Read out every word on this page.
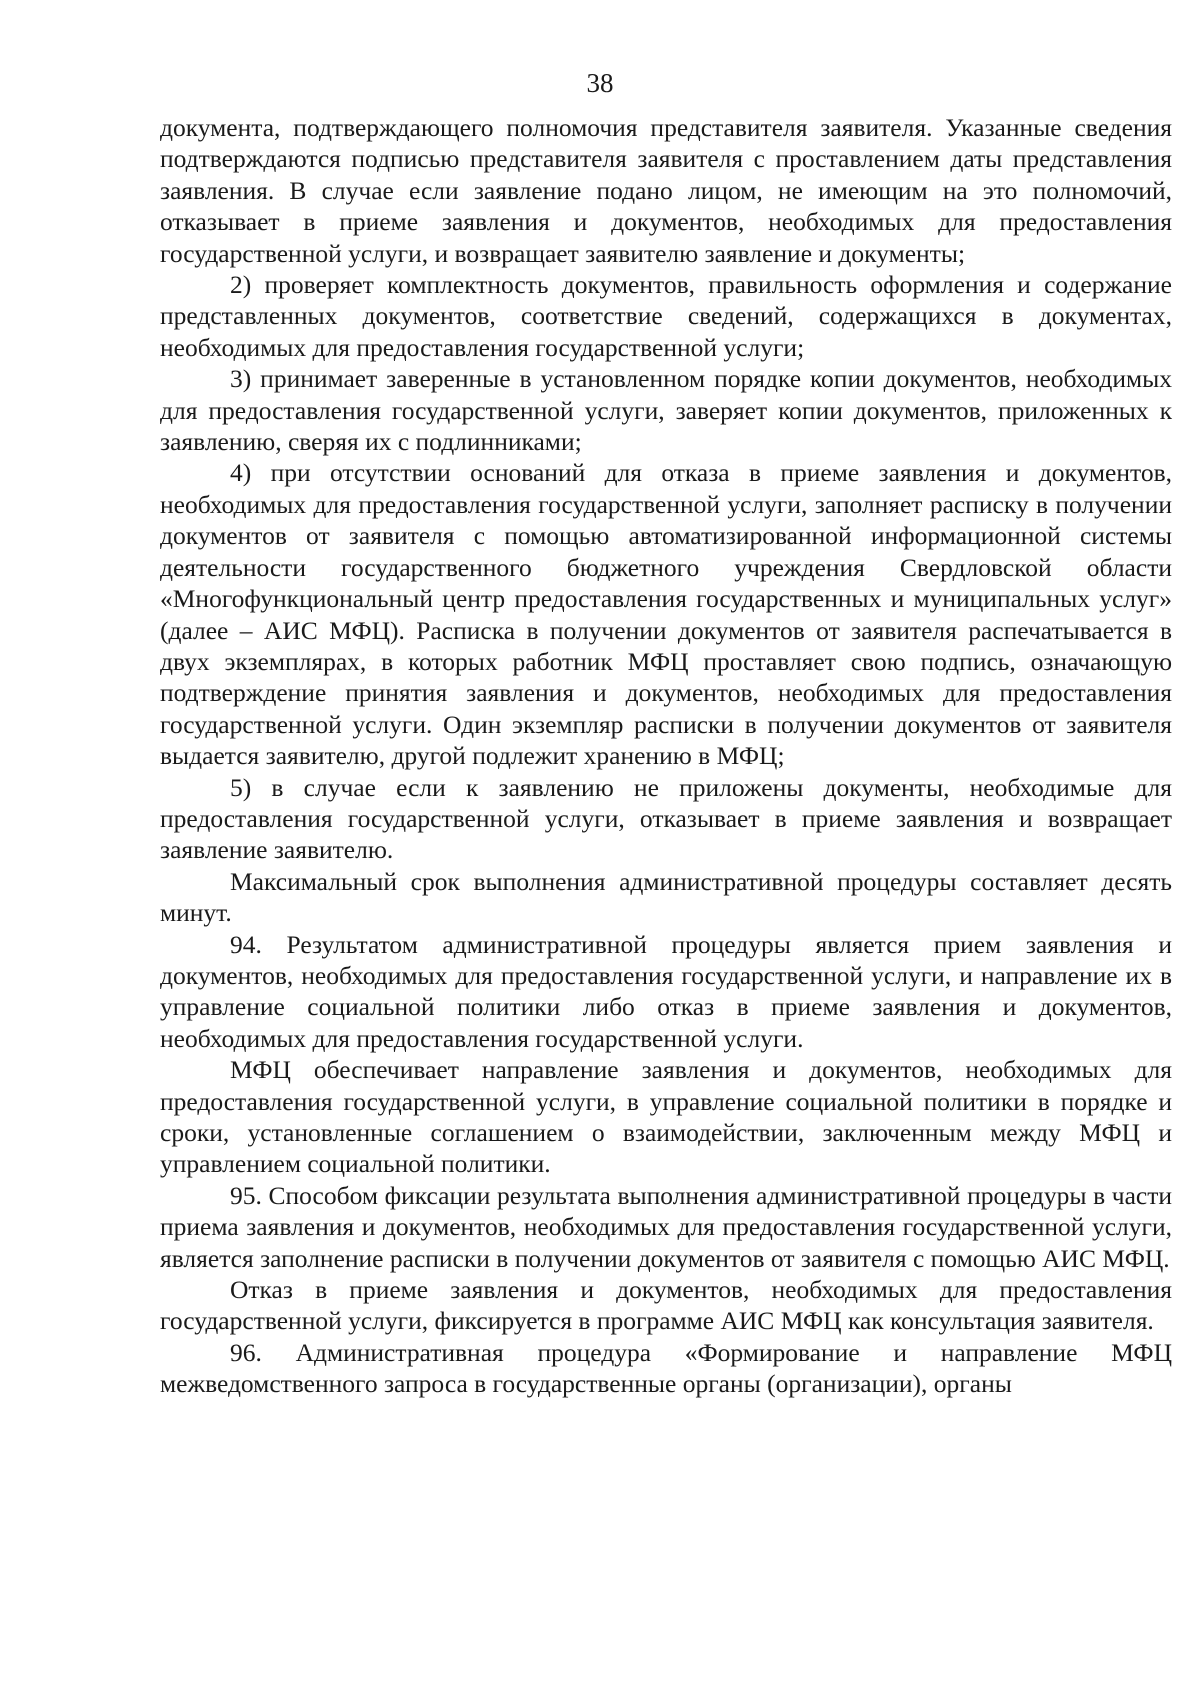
38

документа, подтверждающего полномочия представителя заявителя. Указанные сведения подтверждаются подписью представителя заявителя с проставлением даты представления заявления. В случае если заявление подано лицом, не имеющим на это полномочий, отказывает в приеме заявления и документов, необходимых для предоставления государственной услуги, и возвращает заявителю заявление и документы;

2) проверяет комплектность документов, правильность оформления и содержание представленных документов, соответствие сведений, содержащихся в документах, необходимых для предоставления государственной услуги;

3) принимает заверенные в установленном порядке копии документов, необходимых для предоставления государственной услуги, заверяет копии документов, приложенных к заявлению, сверяя их с подлинниками;

4) при отсутствии оснований для отказа в приеме заявления и документов, необходимых для предоставления государственной услуги, заполняет расписку в получении документов от заявителя с помощью автоматизированной информационной системы деятельности государственного бюджетного учреждения Свердловской области «Многофункциональный центр предоставления государственных и муниципальных услуг» (далее – АИС МФЦ). Расписка в получении документов от заявителя распечатывается в двух экземплярах, в которых работник МФЦ проставляет свою подпись, означающую подтверждение принятия заявления и документов, необходимых для предоставления государственной услуги. Один экземпляр расписки в получении документов от заявителя выдается заявителю, другой подлежит хранению в МФЦ;

5) в случае если к заявлению не приложены документы, необходимые для предоставления государственной услуги, отказывает в приеме заявления и возвращает заявление заявителю.

Максимальный срок выполнения административной процедуры составляет десять минут.

94. Результатом административной процедуры является прием заявления и документов, необходимых для предоставления государственной услуги, и направление их в управление социальной политики либо отказ в приеме заявления и документов, необходимых для предоставления государственной услуги.

МФЦ обеспечивает направление заявления и документов, необходимых для предоставления государственной услуги, в управление социальной политики в порядке и сроки, установленные соглашением о взаимодействии, заключенным между МФЦ и управлением социальной политики.

95. Способом фиксации результата выполнения административной процедуры в части приема заявления и документов, необходимых для предоставления государственной услуги, является заполнение расписки в получении документов от заявителя с помощью АИС МФЦ.

Отказ в приеме заявления и документов, необходимых для предоставления государственной услуги, фиксируется в программе АИС МФЦ как консультация заявителя.

96. Административная процедура «Формирование и направление МФЦ межведомственного запроса в государственные органы (организации), органы
